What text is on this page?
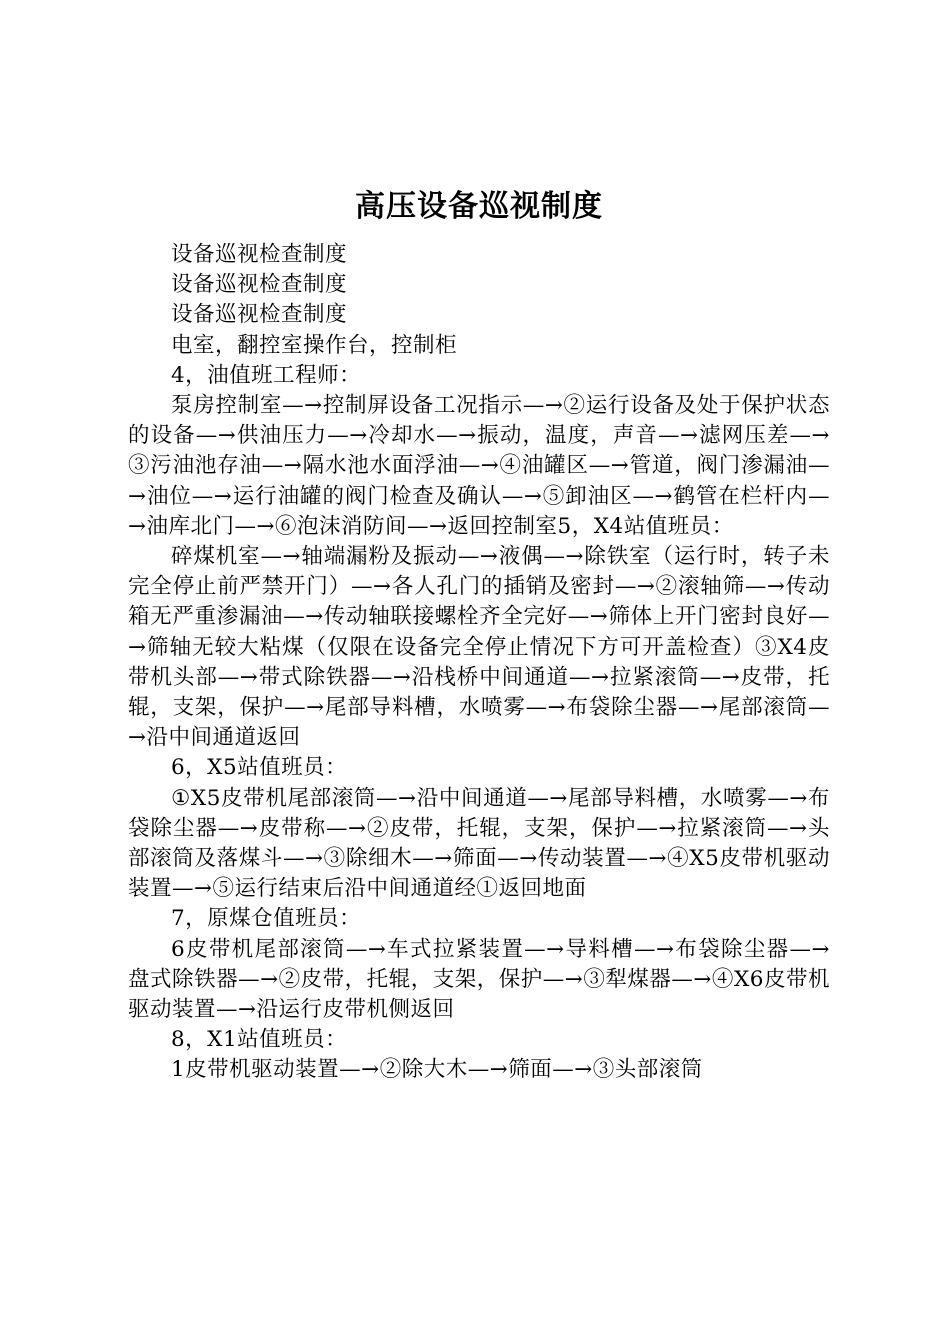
高压设备巡视制度

设备巡视检查制度

设备巡视检查制度

设备巡视检查制度

电室，翻控室操作台，控制柜

4，油值班工程师：

泵房控制室—→控制屏设备工况指示—→②运行设备及处于保护状态的设备—→供油压力—→冷却水—→振动，温度，声音—→滤网压差—→③污油池存油—→隔水池水面浮油—→④油罐区—→管道，阀门渗漏油—→油位—→运行油罐的阀门检查及确认—→⑤卸油区—→鹤管在栏杆内—→油库北门—→⑥泡沫消防间—→返回控制室5，X4站值班员：

碎煤机室—→轴端漏粉及振动—→液偶—→除铁室（运行时，转子未完全停止前严禁开门）—→各人孔门的插销及密封—→②滚轴筛—→传动箱无严重渗漏油—→传动轴联接螺栓齐全完好—→筛体上开门密封良好—→筛轴无较大粘煤（仅限在设备完全停止情况下方可开盖检查）③X4皮带机头部—→带式除铁器—→沿栈桥中间通道—→拉紧滚筒—→皮带，托辊，支架，保护—→尾部导料槽，水喷雾—→布袋除尘器—→尾部滚筒—→沿中间通道返回

6，X5站值班员：

①X5皮带机尾部滚筒—→沿中间通道—→尾部导料槽，水喷雾—→布袋除尘器—→皮带称—→②皮带，托辊，支架，保护—→拉紧滚筒—→头部滚筒及落煤斗—→③除细木—→筛面—→传动装置—→④X5皮带机驱动装置—→⑤运行结束后沿中间通道经①返回地面

7，原煤仓值班员：

6皮带机尾部滚筒—→车式拉紧装置—→导料槽—→布袋除尘器—→盘式除铁器—→②皮带，托辊，支架，保护—→③犁煤器—→④X6皮带机驱动装置—→沿运行皮带机侧返回

8，X1站值班员：

1皮带机驱动装置—→②除大木—→筛面—→③头部滚筒
